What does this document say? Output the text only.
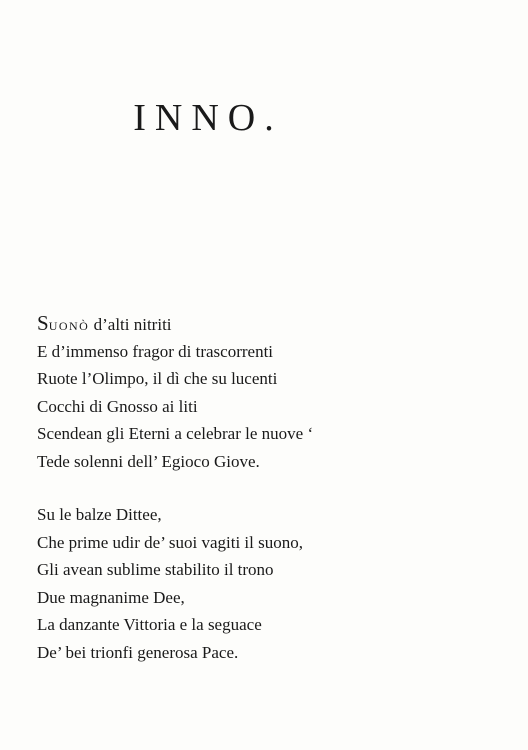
INNO.
SUONÒ d’alti nitriti
E d’immenso fragor di trascorrenti
Ruote l’Olimpo, il dì che su lucenti
Cocchi di Gnosso ai liti
Scendean gli Eterni a celebrar le nuove ‘
Tede solenni dell’ Egioco Giove.
Su le balze Dittee,
Che prime udir de’ suoi vagiti il suono,
Gli avean sublime stabilito il trono
Due magnanime Dee,
La danzante Vittoria e la seguace
De’ bei trionfi generosa Pace.
